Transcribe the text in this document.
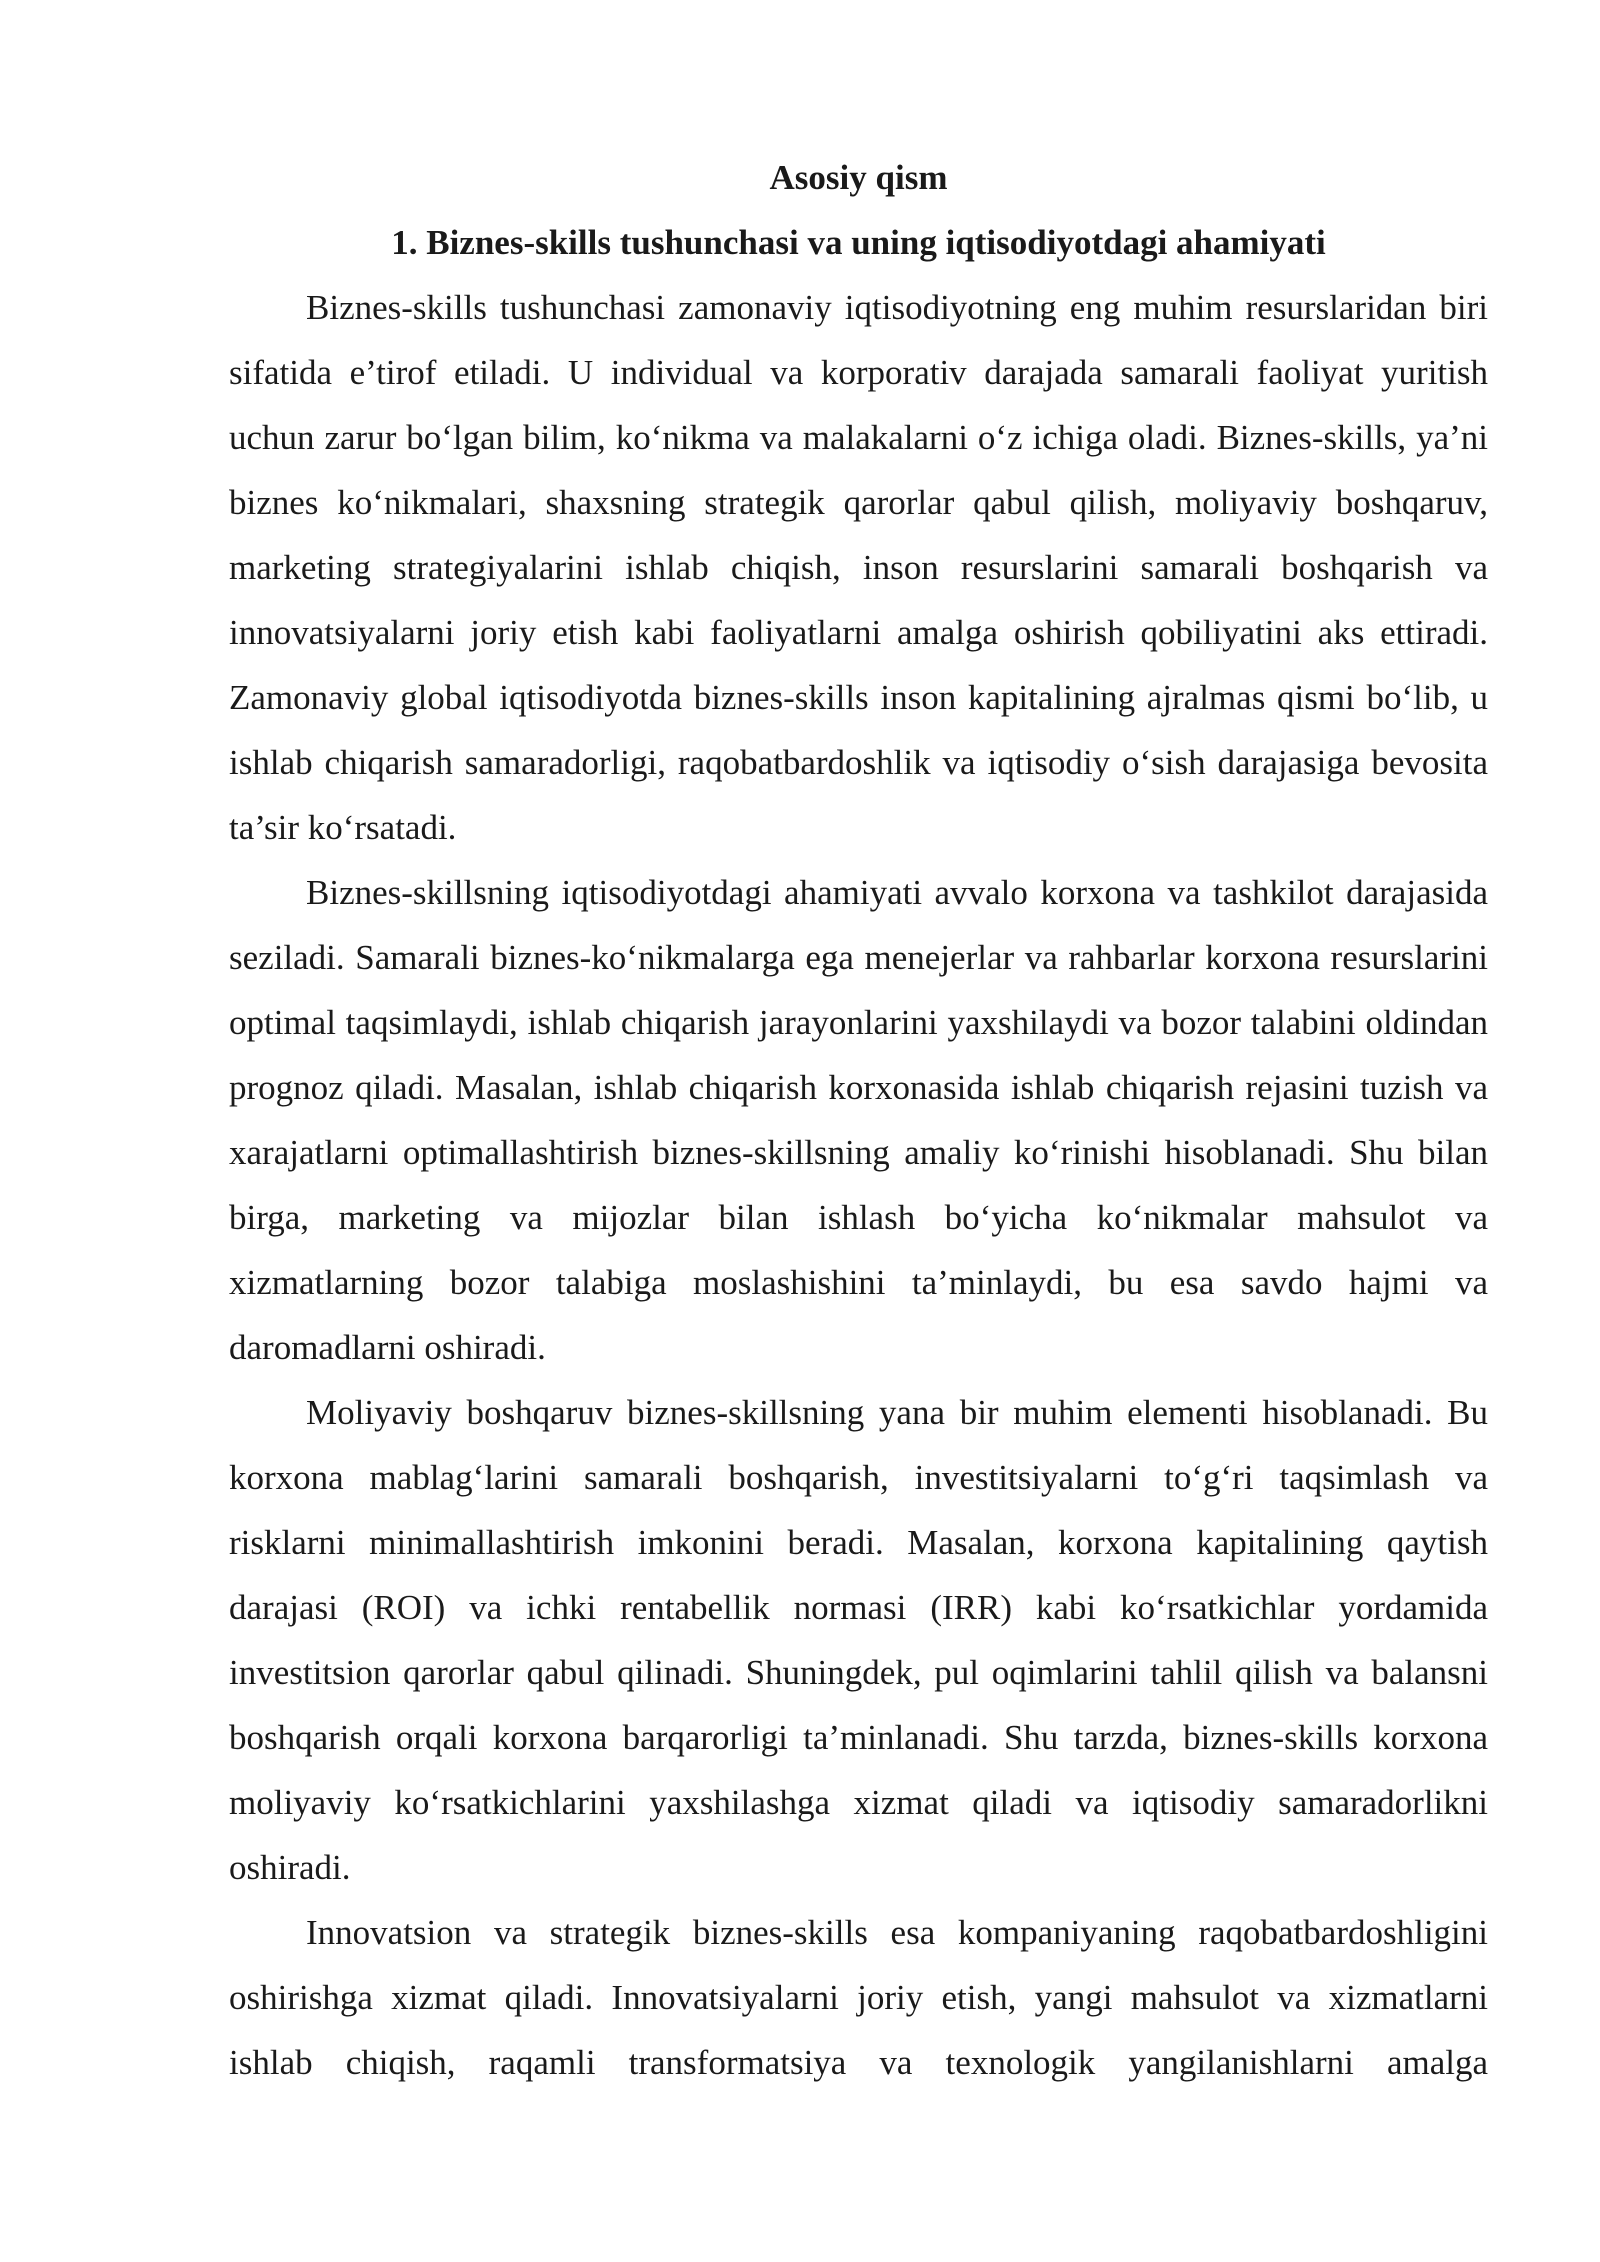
Asosiy qism
1. Biznes-skills tushunchasi va uning iqtisodiyotdagi ahamiyati

Biznes-skills tushunchasi zamonaviy iqtisodiyotning eng muhim resurslaridan biri sifatida e’tirof etiladi. U individual va korporativ darajada samarali faoliyat yuritish uchun zarur bo‘lgan bilim, ko‘nikma va malakalarni o‘z ichiga oladi. Biznes-skills, ya’ni biznes ko‘nikmalari, shaxsning strategik qarorlar qabul qilish, moliyaviy boshqaruv, marketing strategiyalarini ishlab chiqish, inson resurslarini samarali boshqarish va innovatsiyalarni joriy etish kabi faoliyatlarni amalga oshirish qobiliyatini aks ettiradi. Zamonaviy global iqtisodiyotda biznes-skills inson kapitalining ajralmas qismi bo‘lib, u ishlab chiqarish samaradorligi, raqobatbardoshlik va iqtisodiy o‘sish darajasiga bevosita ta’sir ko‘rsatadi.

Biznes-skillsning iqtisodiyotdagi ahamiyati avvalo korxona va tashkilot darajasida seziladi. Samarali biznes-ko‘nikmalarga ega menejerlar va rahbarlar korxona resurslarini optimal taqsimlaydi, ishlab chiqarish jarayonlarini yaxshilaydi va bozor talabini oldindan prognoz qiladi. Masalan, ishlab chiqarish korxonasida ishlab chiqarish rejasini tuzish va xarajatlarni optimallashtirish biznes-skillsning amaliy ko‘rinishi hisoblanadi. Shu bilan birga, marketing va mijozlar bilan ishlash bo‘yicha ko‘nikmalar mahsulot va xizmatlarning bozor talabiga moslashishini ta’minlaydi, bu esa savdo hajmi va daromadlarni oshiradi.

Moliyaviy boshqaruv biznes-skillsning yana bir muhim elementi hisoblanadi. Bu korxona mablag‘larini samarali boshqarish, investitsiyalarni to‘g‘ri taqsimlash va risklarni minimallashtirish imkonini beradi. Masalan, korxona kapitalining qaytish darajasi (ROI) va ichki rentabellik normasi (IRR) kabi ko‘rsatkichlar yordamida investitsion qarorlar qabul qilinadi. Shuningdek, pul oqimlarini tahlil qilish va balansni boshqarish orqali korxona barqarorligi ta’minlanadi. Shu tarzda, biznes-skills korxona moliyaviy ko‘rsatkichlarini yaxshilashga xizmat qiladi va iqtisodiy samaradorlikni oshiradi.

Innovatsion va strategik biznes-skills esa kompaniyaning raqobatbardoshligini oshirishga xizmat qiladi. Innovatsiyalarni joriy etish, yangi mahsulot va xizmatlarni ishlab chiqish, raqamli transformatsiya va texnologik yangilanishlarni amalga
